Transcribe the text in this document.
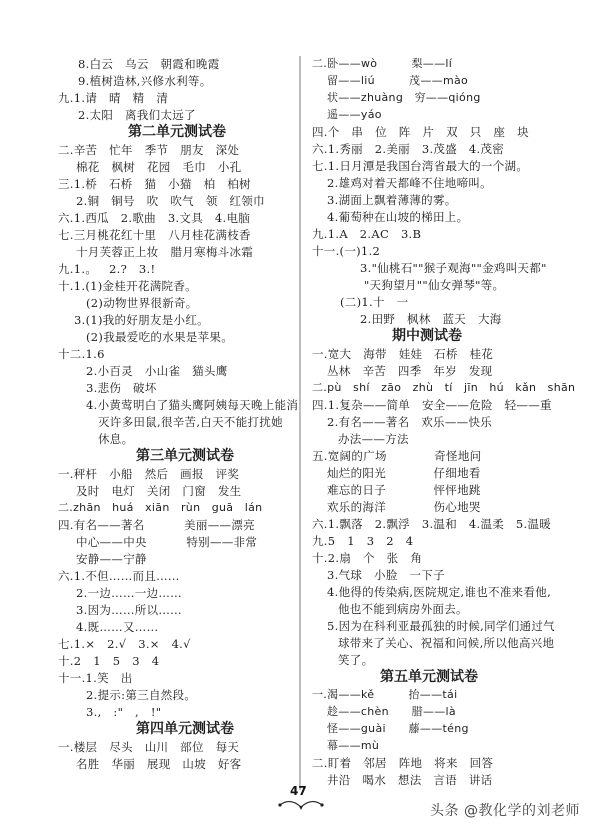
8.白云   乌云   朝霞和晚霞
9.植树造林,兴修水利等。
九.1.请   晴   精   清
2.太阳   离我们太远了
第二单元测试卷
二.辛苦   忙年   季节   朋友   深处
棉花   枫树   花园   毛巾   小孔
三.1.桥   石桥   猫   小猫   柏   柏树
2.铜   铜号   吹   吹气   领   红领巾
六.1.西瓜   2.歌曲   3.文具   4.电脑
七.三月桃花红十里   八月桂花满枝香
十月芙蓉正上妆   腊月寒梅斗冰霜
九.1.。   2.?   3.!
十.1.(1)金桂开花满院香。
(2)动物世界很新奇。
3.(1)我的好朋友是小红。
(2)我最爱吃的水果是苹果。
十二.1.6
2.小百灵   小山雀   猫头鹰
3.悲伤   破坏
4.小黄莺明白了猫头鹰阿姨每天晚上能消
灭许多田鼠,很辛苦,白天不能打扰她
休息。
第三单元测试卷
一.秤杆   小船   然后   画报   评奖
及时   电灯   关闭   门窗   发生
二.zhān   huá   xiān   rùn   guā   lán
四.有名——著名          美丽——漂亮
中心——中央          特别——非常
安静——宁静
六.1.不但……而且……
2.一边……一边……
3.因为……所以……
4.既……又……
七.1.×   2.√   3.×   4.√
十.2   1   5   3   4
十一.1.笑   出
2.提示:第三自然段。
3.,   :"   ,   !"
第四单元测试卷
一.楼层   尽头   山川   部位   每天
名胜   华丽   展现   山坡   好客
二.卧——wò         梨——lí
留——liú         茂——mào
状——zhuàng   穷——qióng
遥——yáo
四.个   串   位   阵   片   双   只   座   块
六.1.秀丽   2.美丽   3.茂盛   4.茂密
七.1.日月潭是我国台湾省最大的一个湖。
2.雄鸡对着天都峰不住地啼叫。
3.湖面上飘着薄薄的雾。
4.葡萄种在山坡的梯田上。
九.1.A   2.AC   3.B
十一.(一)1.2
3."仙桃石""猴子观海""金鸡叫天都"
"天狗望月""仙女弹琴"等。
(二)1.十   一
2.田野   枫林   蓝天   大海
期中测试卷
一.宽大   海带   娃娃   石桥   桂花
丛林   辛苦   四季   年岁   发现
二.pù   shí   zāo   zhù   tí   jīn   hú   kǎn   shān
四.1.复杂——简单   安全——危险   轻——重
2.有名——著名   欢乐——快乐
办法——方法
五.宽阔的广场            奇怪地问
灿烂的阳光            仔细地看
难忘的日子            怦怦地跳
欢乐的海洋            伤心地哭
六.1.飘落   2.飘浮   3.温和   4.温柔   5.温暖
九.5   1   3   2   4
十.2.扇   个   张   角
3.气球   小脸   一下子
4.他得的传染病,医院规定,谁也不准来看他,
他也不能到病房外面去。
5.因为在科利亚最孤独的时候,同学们通过气
球带来了关心、祝福和问候,所以他高兴地
笑了。
第五单元测试卷
一.渴——kě         抬——tái
趁——chèn      腊——là
怪——guài      藤——téng
幕——mù
二.盯着   邻居   阵地   将来   回答
井沿   喝水   想法   言语   讲话
47
头条 @教化学的刘老师
